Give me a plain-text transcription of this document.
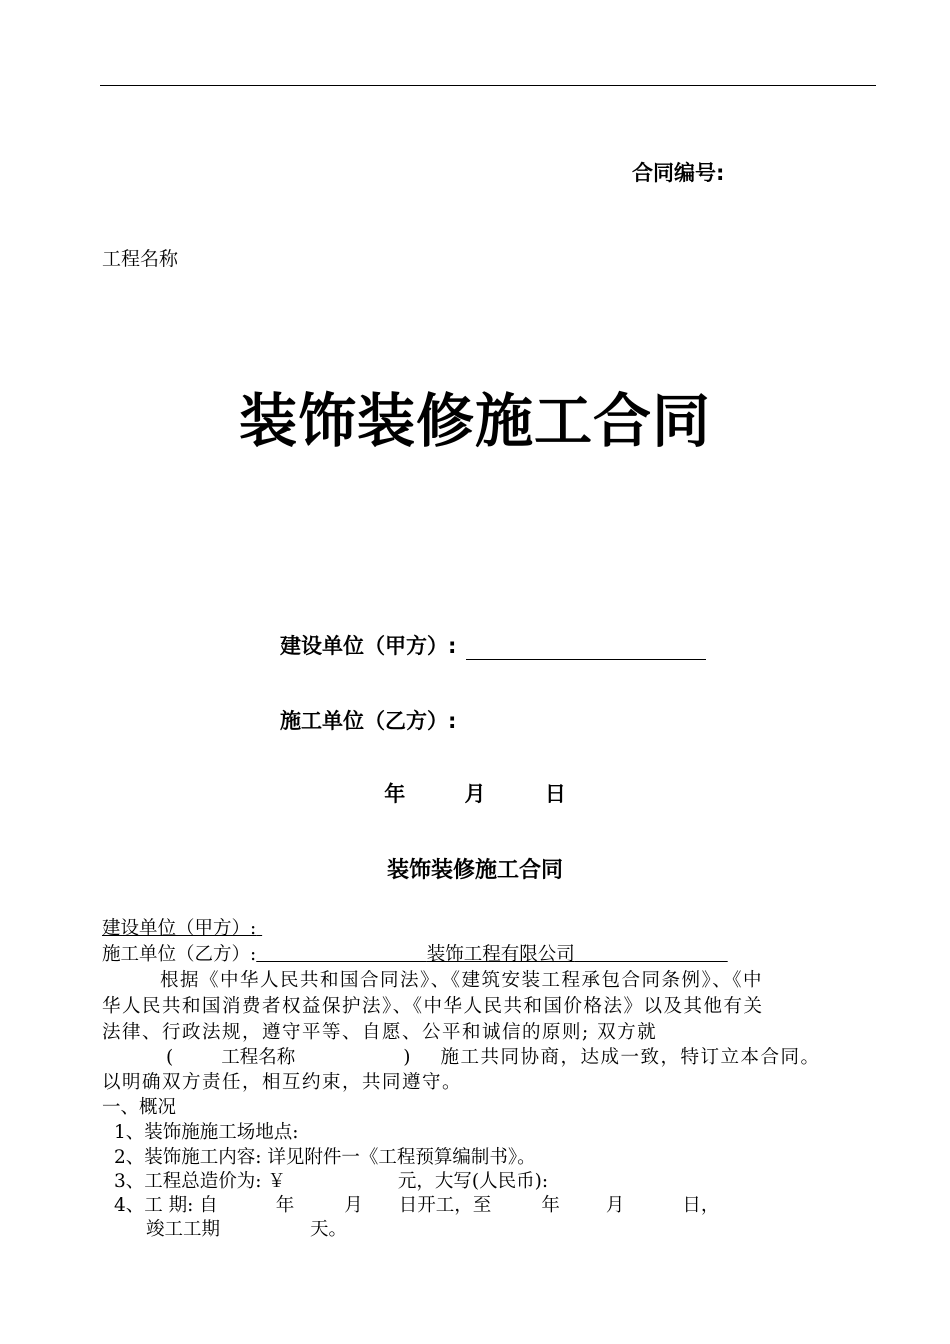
合同编号:
工程名称
装饰装修施工合同
建设单位（甲方）:
施工单位（乙方）:
年	月	日
装饰装修施工合同
建设单位（甲方）:
施工单位（乙方）:	装饰工程有限公司
根据《中华人民共和国合同法》、《建筑安装工程承包合同条例》、《中
华人民共和国消费者权益保护法》、《中华人民共和国价格法》以及其他有关
法律、行政法规，遵守平等、自愿、公平和诚信的原则; 双方就
(	工程名称	) 施工共同协商，达成一致，特订立本合同。
以明确双方责任，相互约束，共同遵守。
一、概况
1、装饰施施工场地点:
2、装饰施工内容: 详见附件一《工程预算编制书》。
3、工程总造价为: ￥	元，大写(人民币):
4、工 期: 自	年	月 日开工，至	年 月	日，
竣工工期	天。
